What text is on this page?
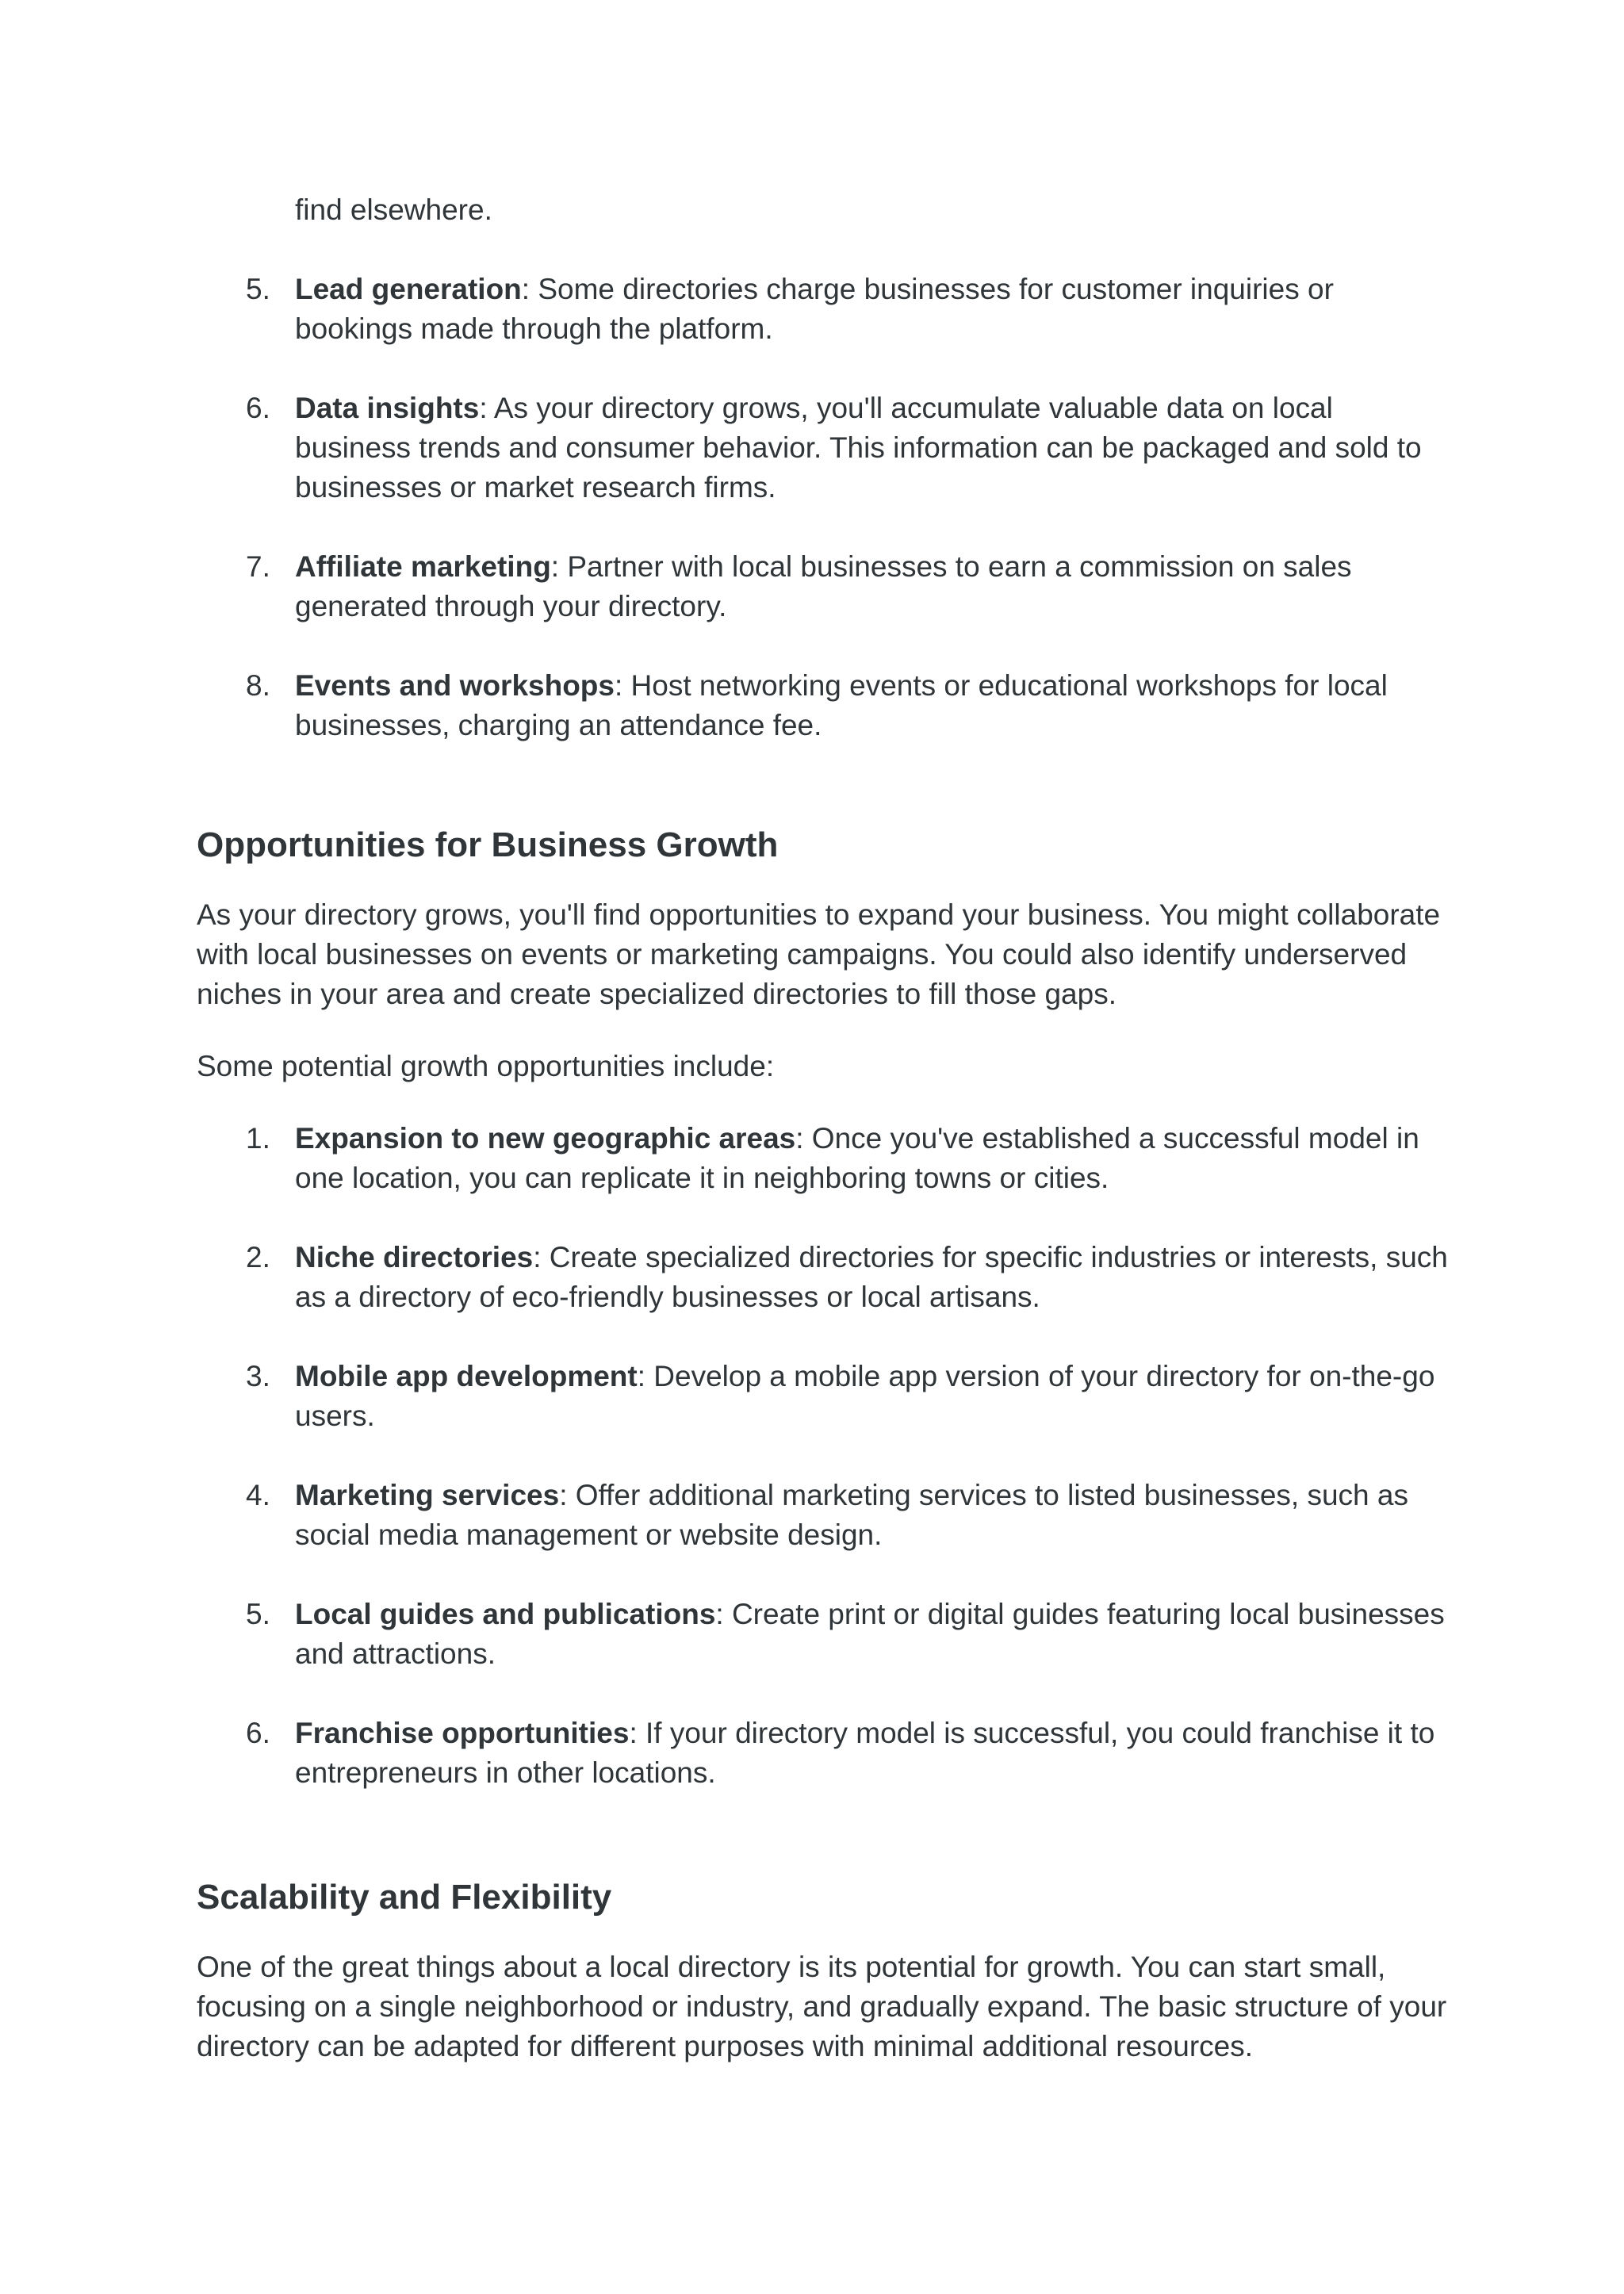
find elsewhere.

5. Lead generation: Some directories charge businesses for customer inquiries or bookings made through the platform.
6. Data insights: As your directory grows, you'll accumulate valuable data on local business trends and consumer behavior. This information can be packaged and sold to businesses or market research firms.
7. Affiliate marketing: Partner with local businesses to earn a commission on sales generated through your directory.
8. Events and workshops: Host networking events or educational workshops for local businesses, charging an attendance fee.
Opportunities for Business Growth

As your directory grows, you'll find opportunities to expand your business. You might collaborate with local businesses on events or marketing campaigns. You could also identify underserved niches in your area and create specialized directories to fill those gaps.

Some potential growth opportunities include:

1. Expansion to new geographic areas: Once you've established a successful model in one location, you can replicate it in neighboring towns or cities.
2. Niche directories: Create specialized directories for specific industries or interests, such as a directory of eco-friendly businesses or local artisans.
3. Mobile app development: Develop a mobile app version of your directory for on-the-go users.
4. Marketing services: Offer additional marketing services to listed businesses, such as social media management or website design.
5. Local guides and publications: Create print or digital guides featuring local businesses and attractions.
6. Franchise opportunities: If your directory model is successful, you could franchise it to entrepreneurs in other locations.
Scalability and Flexibility

One of the great things about a local directory is its potential for growth. You can start small, focusing on a single neighborhood or industry, and gradually expand. The basic structure of your directory can be adapted for different purposes with minimal additional resources.
